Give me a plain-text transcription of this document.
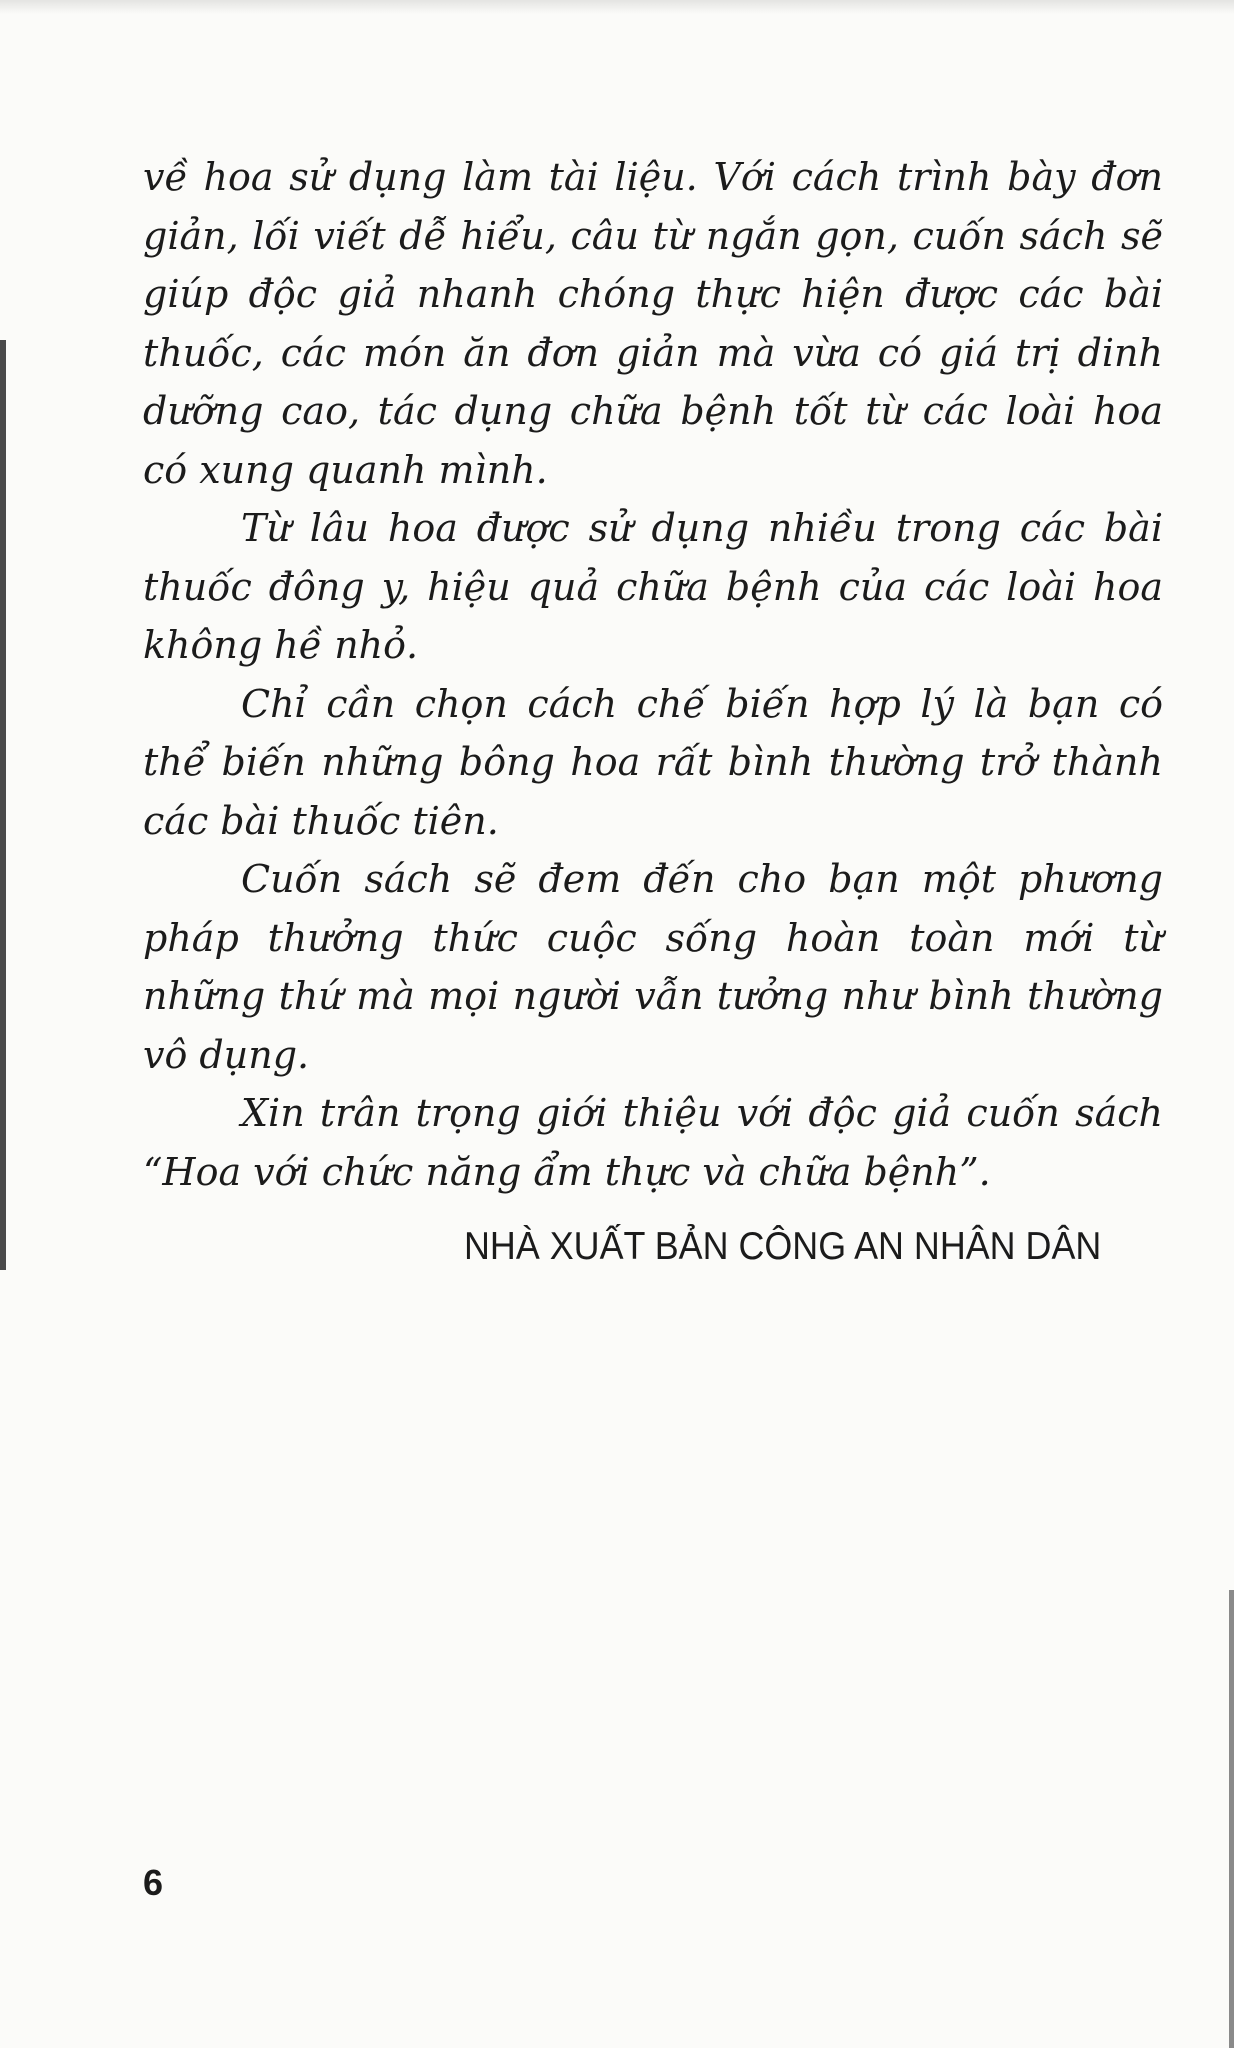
về hoa sử dụng làm tài liệu. Với cách trình bày đơn giản, lối viết dễ hiểu, câu từ ngắn gọn, cuốn sách sẽ giúp độc giả nhanh chóng thực hiện được các bài thuốc, các món ăn đơn giản mà vừa có giá trị dinh dưỡng cao, tác dụng chữa bệnh tốt từ các loài hoa có xung quanh mình.

Từ lâu hoa được sử dụng nhiều trong các bài thuốc đông y, hiệu quả chữa bệnh của các loài hoa không hề nhỏ.

Chỉ cần chọn cách chế biến hợp lý là bạn có thể biến những bông hoa rất bình thường trở thành các bài thuốc tiên.

Cuốn sách sẽ đem đến cho bạn một phương pháp thưởng thức cuộc sống hoàn toàn mới từ những thứ mà mọi người vẫn tưởng như bình thường vô dụng.

Xin trân trọng giới thiệu với độc giả cuốn sách “Hoa với chức năng ẩm thực và chữa bệnh”.

NHÀ XUẤT BẢN CÔNG AN NHÂN DÂN
6
